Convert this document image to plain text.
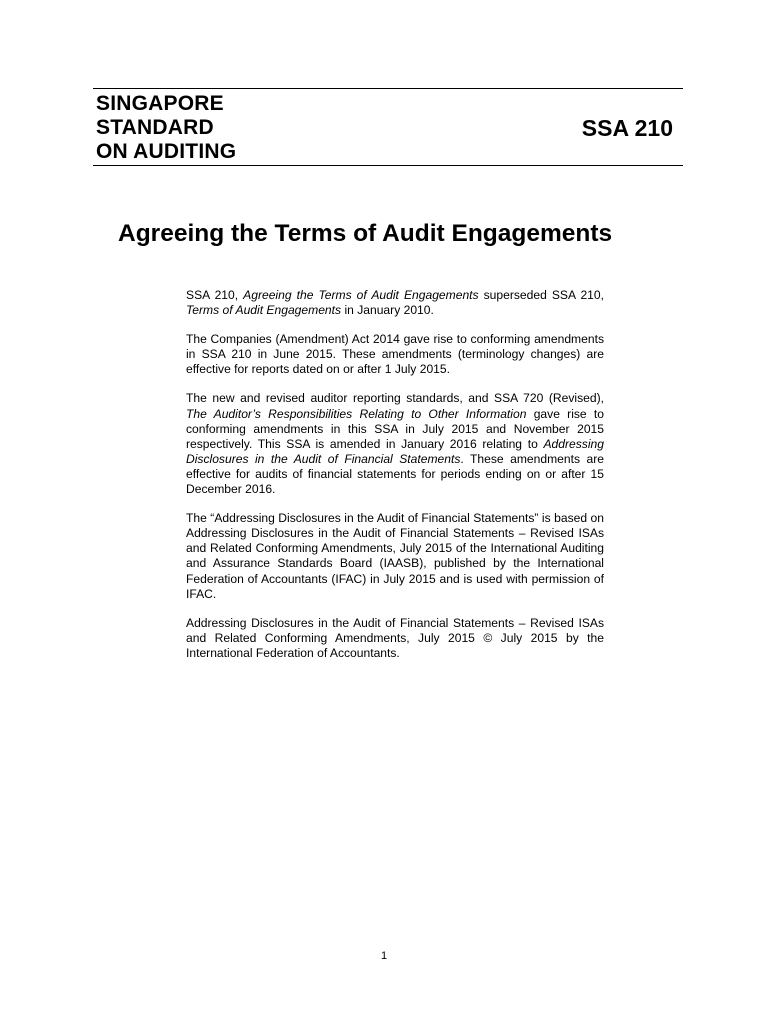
SINGAPORE
STANDARD
ON AUDITING
SSA 210
Agreeing the Terms of Audit Engagements

SSA 210, Agreeing the Terms of Audit Engagements superseded SSA 210, Terms of Audit Engagements in January 2010.

The Companies (Amendment) Act 2014 gave rise to conforming amendments in SSA 210 in June 2015. These amendments (terminology changes) are effective for reports dated on or after 1 July 2015.

The new and revised auditor reporting standards, and SSA 720 (Revised), The Auditor’s Responsibilities Relating to Other Information gave rise to conforming amendments in this SSA in July 2015 and November 2015 respectively. This SSA is amended in January 2016 relating to Addressing Disclosures in the Audit of Financial Statements. These amendments are effective for audits of financial statements for periods ending on or after 15 December 2016.

The “Addressing Disclosures in the Audit of Financial Statements” is based on Addressing Disclosures in the Audit of Financial Statements – Revised ISAs and Related Conforming Amendments, July 2015 of the International Auditing and Assurance Standards Board (IAASB), published by the International Federation of Accountants (IFAC) in July 2015 and is used with permission of IFAC.

Addressing Disclosures in the Audit of Financial Statements – Revised ISAs and Related Conforming Amendments, July 2015 © July 2015 by the International Federation of Accountants.

1
